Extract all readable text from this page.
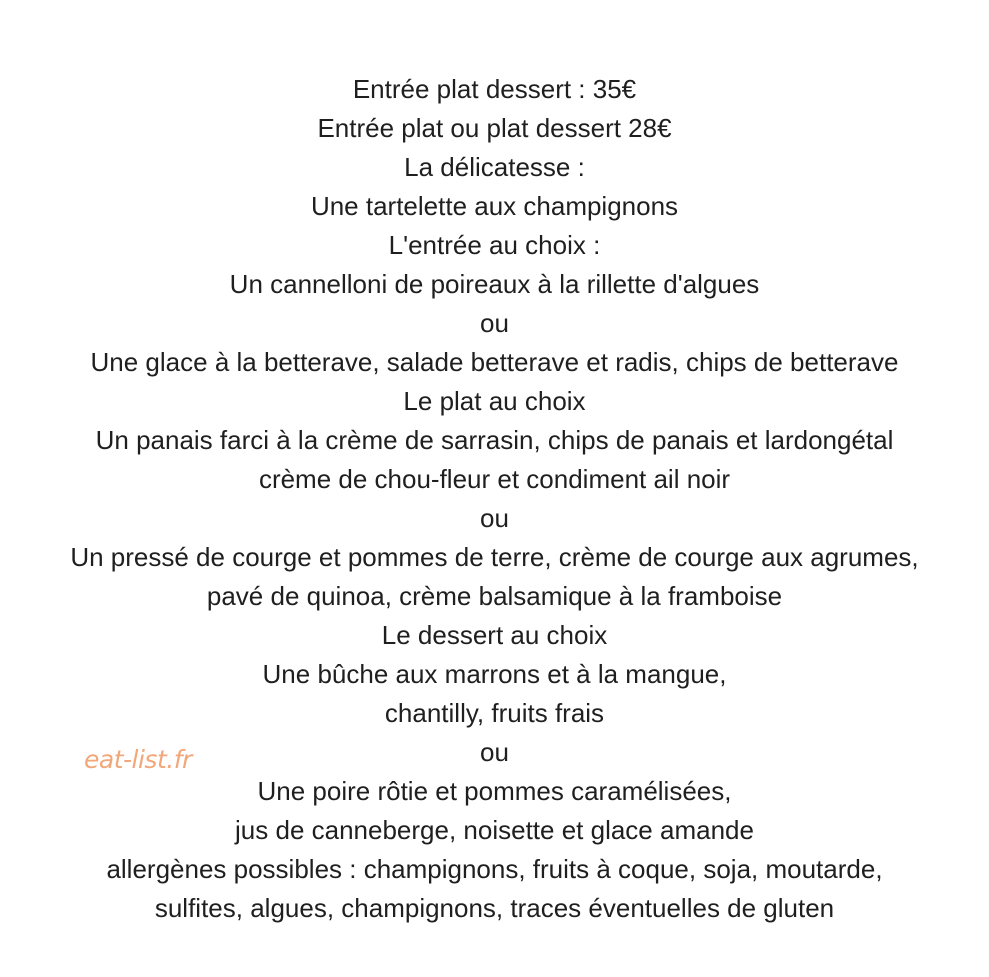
Entrée plat dessert : 35€
Entrée plat ou plat dessert 28€
La délicatesse :
Une tartelette aux champignons
L'entrée au choix :
Un cannelloni de poireaux à la rillette d'algues
ou
Une glace à la betterave, salade betterave et radis, chips de betterave
Le plat au choix
Un panais farci à la crème de sarrasin, chips de panais et lardongétal
crème de chou-fleur et condiment ail noir
ou
Un pressé de courge et pommes de terre, crème de courge aux agrumes,
pavé de quinoa, crème balsamique à la framboise
Le dessert au choix
Une bûche aux marrons et à la mangue,
chantilly, fruits frais
ou
Une poire rôtie et pommes caramélisées,
jus de canneberge, noisette et glace amande
allergènes possibles : champignons, fruits à coque, soja, moutarde,
sulfites, algues, champignons, traces éventuelles de gluten
eat-list.fr
